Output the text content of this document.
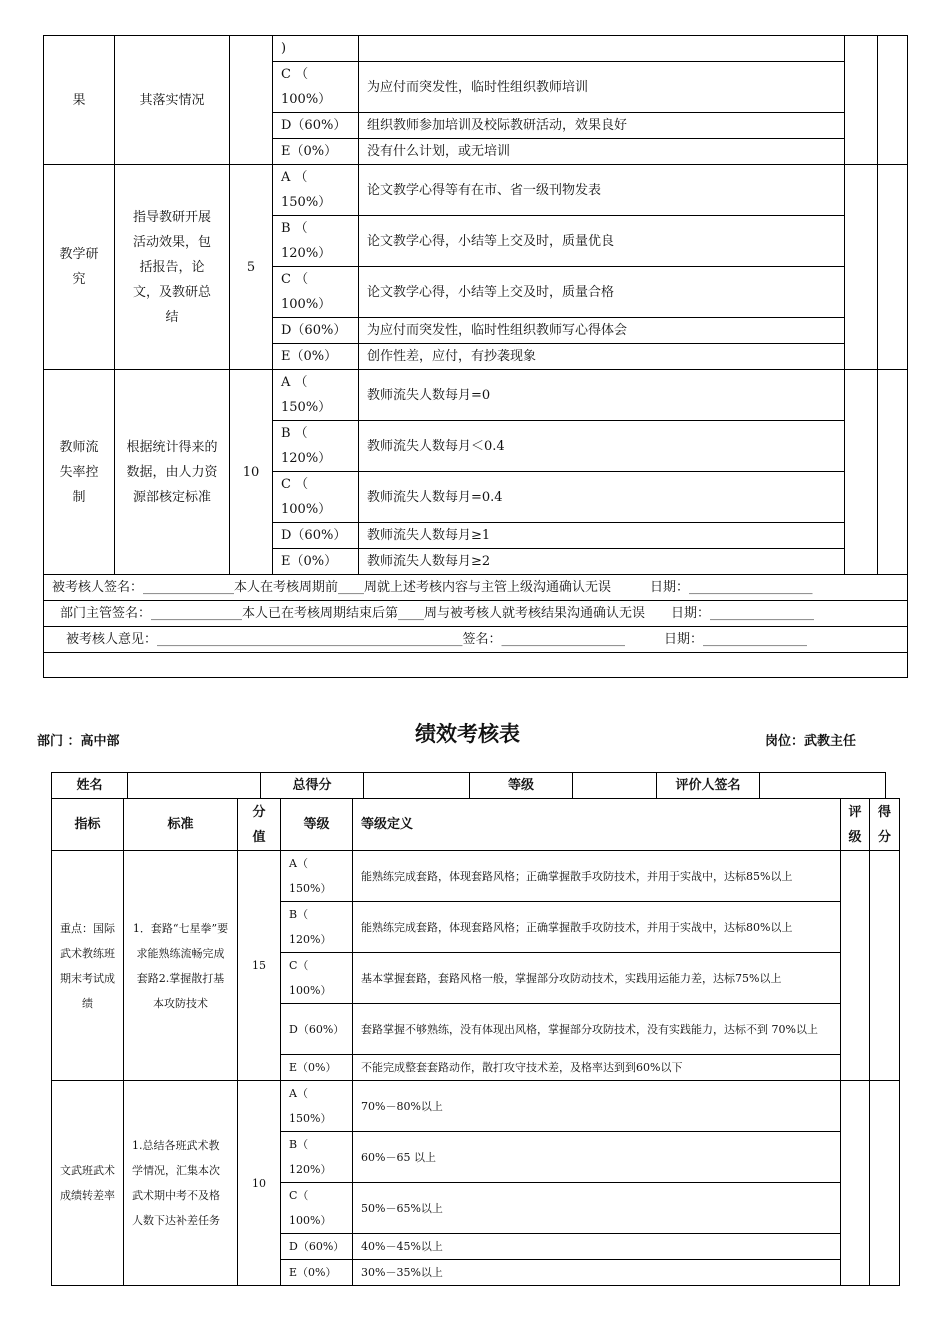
果	其落实情况		)			
			C （ 100%）	为应付而突发性，临时性组织教师培训		
			D（60%）	组织教师参加培训及校际教研活动，效果良好		
			E（0%）	没有什么计划，或无培训		
教学研究	指导教研开展活动效果，包括报告，论文，及教研总结	5	A （ 150%）	论文教学心得等有在市、省一级刊物发表		
			B （ 120%）	论文教学心得，小结等上交及时，质量优良		
			C （ 100%）	论文教学心得，小结等上交及时，质量合格		
			D（60%）	为应付而突发性，临时性组织教师写心得体会		
			E（0%）	创作性差，应付，有抄袭现象		
教师流失率控制	根据统计得来的数据，由人力资源部核定标准	10	A （ 150%）	教师流失人数每月=0		
			B （ 120%）	教师流失人数每月＜0.4		
			C （ 100%）	教师流失人数每月=0.4		
			D（60%）	教师流失人数每月≥1		
			E（0%）	教师流失人数每月≥2		
被考核人签名：______________本人在考核周期前____周就上述考核内容与主管上级沟通确认无误　　　日期：___________________						
部门主管签名：______________本人已在考核周期结束后第____周与被考核人就考核结果沟通确认无误　　日期：________________						
被考核人意见：_______________________________________________签名：___________________　　　日期：________________						

部门 ：高中部	绩效考核表	岗位：武教主任
姓名		总得分		等级		评价人签名	
指标	标准	分值	等级	等级定义	评级	得分
重点：国际武术教练班期末考试成绩	1．套路“七星拳”要求能熟练流畅完成　套路2.掌握散打基本攻防技术	15	A（ 150%）	能熟练完成套路，体现套路风格；正确掌握散手攻防技术，并用于实战中，达标85%以上		
			B（ 120%）	能熟练完成套路，体现套路风格；正确掌握散手攻防技术，并用于实战中，达标80%以上		
			C（ 100%）	基本掌握套路，套路风格一般，掌握部分攻防动技术，实践用运能力差，达标75%以上		
			D（60%）	套路掌握不够熟练，没有体现出风格，掌握部分攻防技术，没有实践能力，达标不到 70%以上		
			E（0%）	不能完成整套套路动作，散打攻守技术差，及格率达到到60%以下		
文武班武术成绩转差率	1.总结各班武术教学情况，汇集本次武术期中考不及格人数下达补差任务	10	A（ 150%）	70%－80%以上		
			B（ 120%）	60%－65 以上		
			C（ 100%）	50%－65%以上		
			D（60%）	40%－45%以上		
			E（0%）	30%－35%以上		
